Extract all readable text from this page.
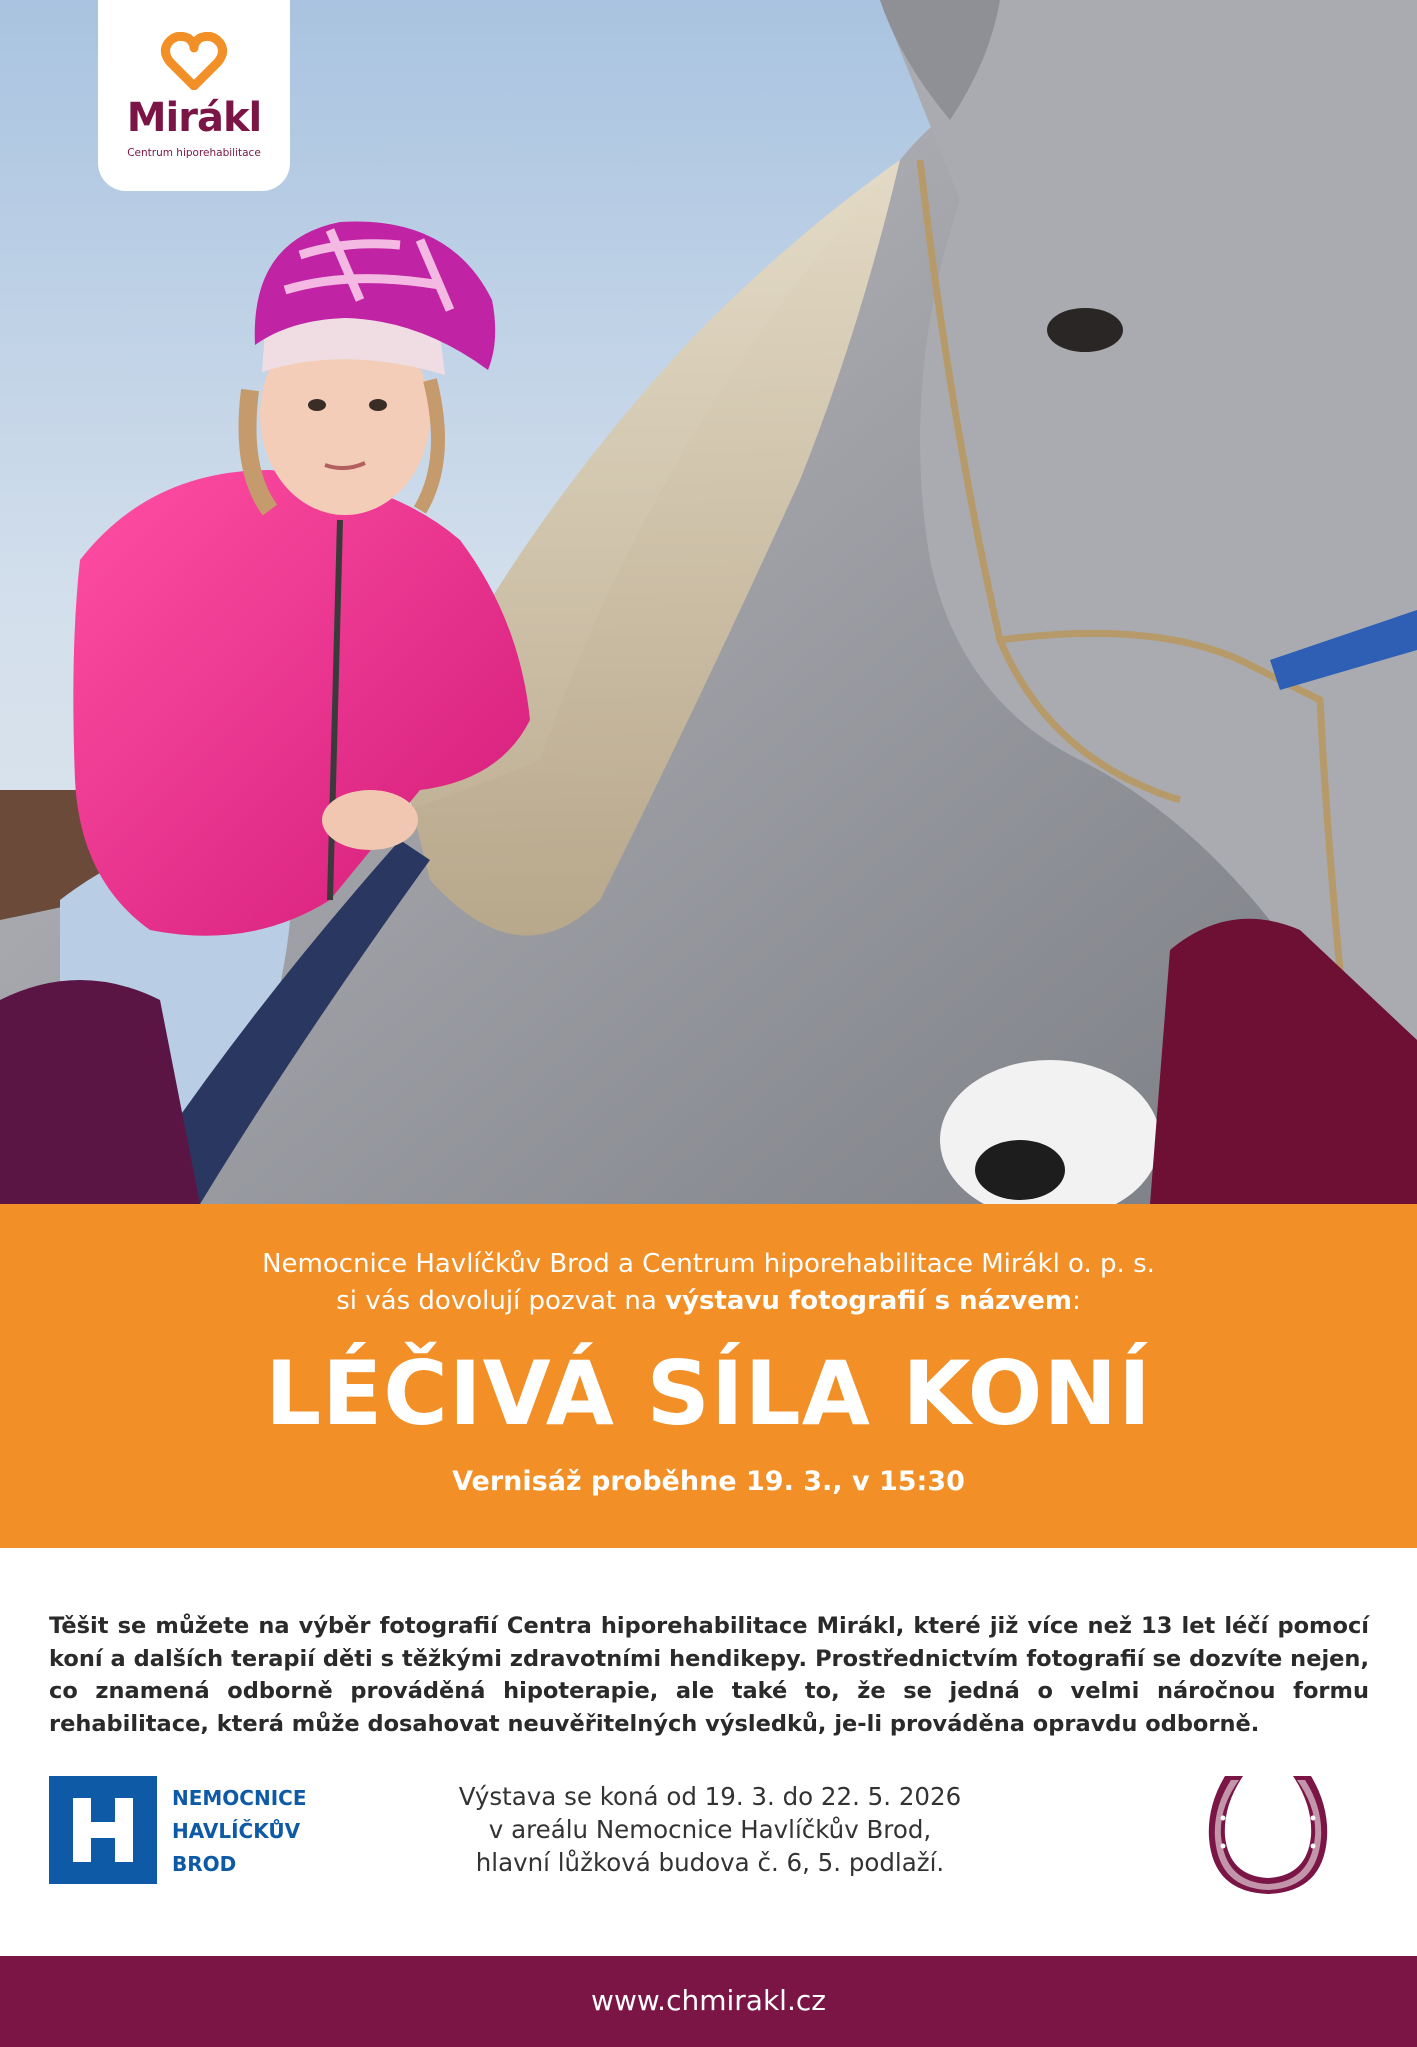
Mirákl
Centrum hiporehabilitace
Nemocnice Havlíčkův Brod a Centrum hiporehabilitace Mirákl o. p. s.
si vás dovolují pozvat na výstavu fotografií s názvem:
LÉČIVÁ SÍLA KONÍ
Vernisáž proběhne 19. 3., v 15:30
Těšit se můžete na výběr fotografií Centra hiporehabilitace Mirákl, které již více než 13 let léčí pomocí koní a dalších terapií děti s těžkými zdravotními hendikepy. Prostřednictvím fotografií se dozvíte nejen, co znamená odborně prováděná hipoterapie, ale také to, že se jedná o velmi náročnou formu rehabilitace, která může dosahovat neuvěřitelných výsledků, je-li prováděna opravdu odborně.
NEMOCNICE
HAVLÍČKŮV
BROD
Výstava se koná od 19. 3. do 22. 5. 2026
v areálu Nemocnice Havlíčkův Brod,
hlavní lůžková budova č. 6, 5. podlaží.
www.chmirakl.cz
